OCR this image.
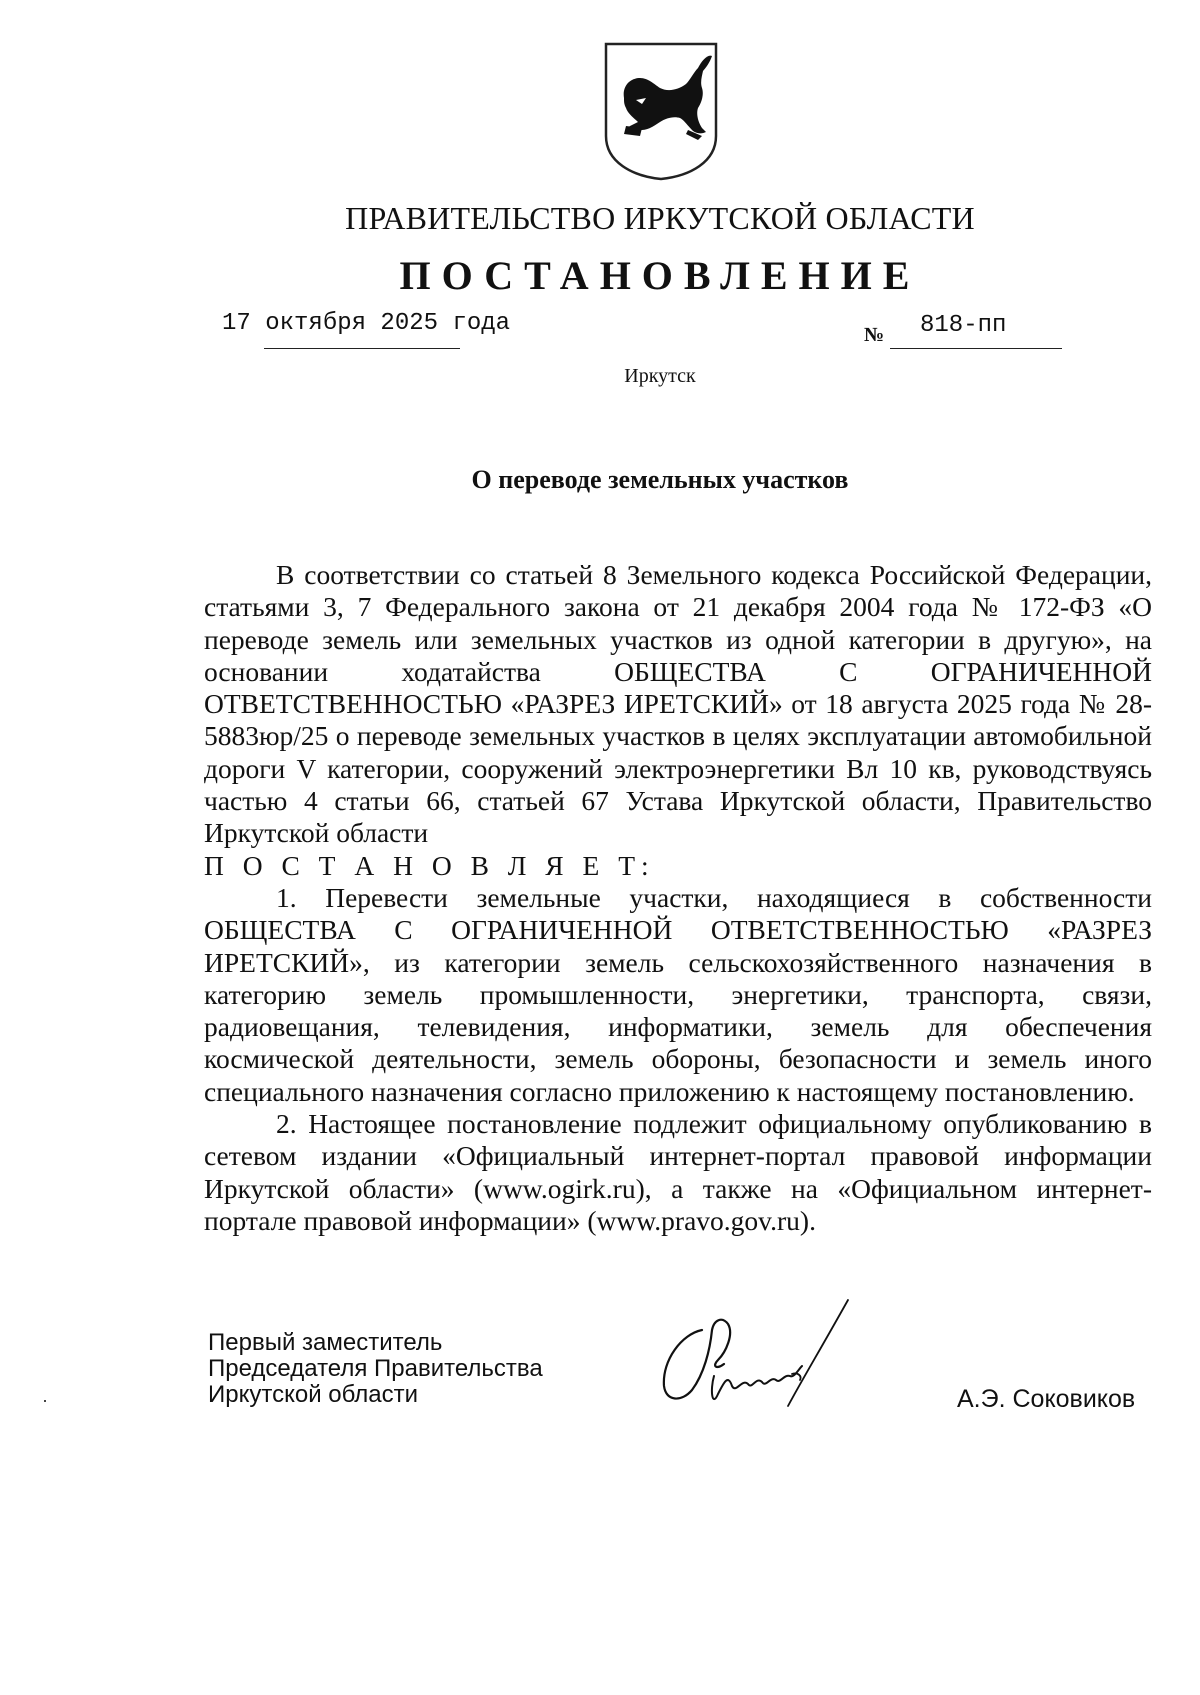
ПРАВИТЕЛЬСТВО ИРКУТСКОЙ ОБЛАСТИ
ПОСТАНОВЛЕНИЕ
17 октября 2025 года	№ 818-пп
Иркутск
О переводе земельных участков

В соответствии со статьей 8 Земельного кодекса Российской Федерации, статьями 3, 7 Федерального закона от 21 декабря 2004 года № 172-ФЗ «О переводе земель или земельных участков из одной категории в другую», на основании ходатайства ОБЩЕСТВА С ОГРАНИЧЕННОЙ ОТВЕТСТВЕННОСТЬЮ «РАЗРЕЗ ИРЕТСКИЙ» от 18 августа 2025 года № 28-5883юр/25 о переводе земельных участков в целях эксплуатации автомобильной дороги V категории, сооружений электроэнергетики Вл 10 кв, руководствуясь частью 4 статьи 66, статьей 67 Устава Иркутской области, Правительство Иркутской области

П О С Т А Н О В Л Я Е Т:

1. Перевести земельные участки, находящиеся в собственности ОБЩЕСТВА С ОГРАНИЧЕННОЙ ОТВЕТСТВЕННОСТЬЮ «РАЗРЕЗ ИРЕТСКИЙ», из категории земель сельскохозяйственного назначения в категорию земель промышленности, энергетики, транспорта, связи, радиовещания, телевидения, информатики, земель для обеспечения космической деятельности, земель обороны, безопасности и земель иного специального назначения согласно приложению к настоящему постановлению.

2. Настоящее постановление подлежит официальному опубликованию в сетевом издании «Официальный интернет-портал правовой информации Иркутской области» (www.ogirk.ru), а также на «Официальном интернет-портале правовой информации» (www.pravo.gov.ru).

Первый заместитель
Председателя Правительства
Иркутской области	А.Э. Соковиков
